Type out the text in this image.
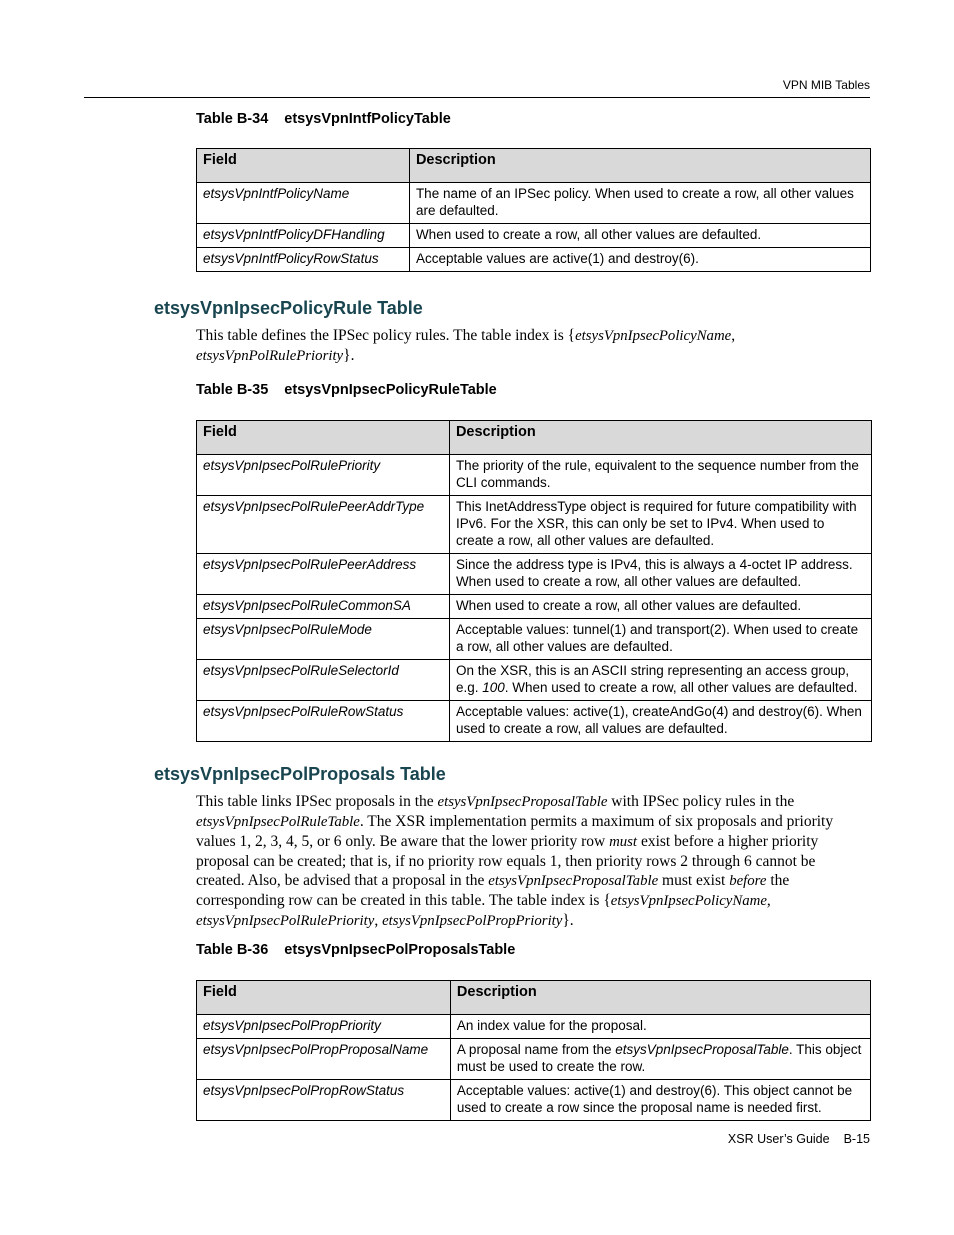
VPN MIB Tables
Table B-34 etsysVpnIntfPolicyTable
Field	Description
etsysVpnIntfPolicyName	The name of an IPSec policy. When used to create a row, all other values are defaulted.
etsysVpnIntfPolicyDFHandling	When used to create a row, all other values are defaulted.
etsysVpnIntfPolicyRowStatus	Acceptable values are active(1) and destroy(6).
etsysVpnIpsecPolicyRule Table
This table defines the IPSec policy rules. The table index is {etsysVpnIpsecPolicyName,
etsysVpnPolRulePriority}.
Table B-35 etsysVpnIpsecPolicyRuleTable
Field	Description
etsysVpnIpsecPolRulePriority	The priority of the rule, equivalent to the sequence number from the CLI commands.
etsysVpnIpsecPolRulePeerAddrType	This InetAddressType object is required for future compatibility with IPv6. For the XSR, this can only be set to IPv4. When used to create a row, all other values are defaulted.
etsysVpnIpsecPolRulePeerAddress	Since the address type is IPv4, this is always a 4-octet IP address. When used to create a row, all other values are defaulted.
etsysVpnIpsecPolRuleCommonSA	When used to create a row, all other values are defaulted.
etsysVpnIpsecPolRuleMode	Acceptable values: tunnel(1) and transport(2). When used to create a row, all other values are defaulted.
etsysVpnIpsecPolRuleSelectorId	On the XSR, this is an ASCII string representing an access group, e.g. 100. When used to create a row, all other values are defaulted.
etsysVpnIpsecPolRuleRowStatus	Acceptable values: active(1), createAndGo(4) and destroy(6). When used to create a row, all values are defaulted.
etsysVpnIpsecPolProposals Table
This table links IPSec proposals in the etsysVpnIpsecProposalTable with IPSec policy rules in the etsysVpnIpsecPolRuleTable. The XSR implementation permits a maximum of six proposals and priority values 1, 2, 3, 4, 5, or 6 only. Be aware that the lower priority row must exist before a higher priority proposal can be created; that is, if no priority row equals 1, then priority rows 2 through 6 cannot be created. Also, be advised that a proposal in the etsysVpnIpsecProposalTable must exist before the corresponding row can be created in this table. The table index is {etsysVpnIpsecPolicyName, etsysVpnIpsecPolRulePriority, etsysVpnIpsecPolPropPriority}.
Table B-36 etsysVpnIpsecPolProposalsTable
Field	Description
etsysVpnIpsecPolPropPriority	An index value for the proposal.
etsysVpnIpsecPolPropProposalName	A proposal name from the etsysVpnIpsecProposalTable. This object must be used to create the row.
etsysVpnIpsecPolPropRowStatus	Acceptable values: active(1) and destroy(6). This object cannot be used to create a row since the proposal name is needed first.
XSR User’s Guide B-15
